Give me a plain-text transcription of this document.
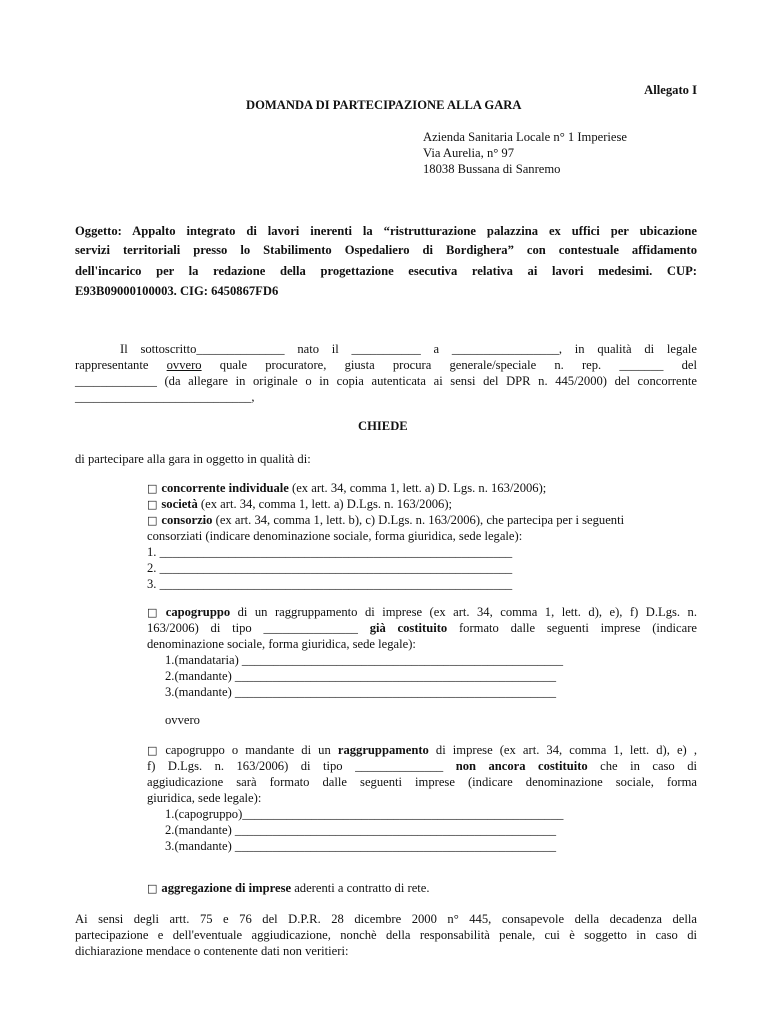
Allegato I
DOMANDA DI PARTECIPAZIONE ALLA GARA
Azienda Sanitaria Locale n° 1 Imperiese
Via Aurelia, n° 97
18038 Bussana di Sanremo
Oggetto: Appalto integrato di lavori inerenti la “ristrutturazione palazzina ex uffici per ubicazione
servizi territoriali presso lo Stabilimento Ospedaliero di Bordighera” con contestuale affidamento
dell'incarico per la redazione della progettazione esecutiva relativa ai lavori medesimi. CUP:
E93B09000100003. CIG: 6450867FD6
Il sottoscritto______________ nato il ___________ a _________________, in qualità di legale
rappresentante ovvero quale procuratore, giusta procura generale/speciale n. rep. _______ del
_____________ (da allegare in originale o in copia autenticata ai sensi del DPR n. 445/2000) del concorrente
____________________________,
CHIEDE
di partecipare alla gara in oggetto in qualità di:
□ concorrente individuale (ex art. 34, comma 1, lett. a) D. Lgs. n. 163/2006);
□ società (ex art. 34, comma 1, lett. a) D.Lgs. n. 163/2006);
□ consorzio (ex art. 34, comma 1, lett. b), c) D.Lgs. n. 163/2006), che partecipa per i seguenti
consorziati (indicare denominazione sociale, forma giuridica, sede legale):
1. ________________________________________________________
2. ________________________________________________________
3. ________________________________________________________
□ capogruppo di un raggruppamento di imprese (ex art. 34, comma 1, lett. d), e), f) D.Lgs. n.
163/2006) di tipo _______________ già costituito formato dalle seguenti imprese (indicare
denominazione sociale, forma giuridica, sede legale):
1.(mandataria) ___________________________________________________
2.(mandante) ___________________________________________________
3.(mandante) ___________________________________________________
ovvero
□ capogruppo o mandante di un raggruppamento di imprese (ex art. 34, comma 1, lett. d), e) ,
f) D.Lgs. n. 163/2006) di tipo ______________ non ancora costituito che in caso di
aggiudicazione sarà formato dalle seguenti imprese (indicare denominazione sociale, forma
giuridica, sede legale):
1.(capogruppo)___________________________________________________
2.(mandante) ___________________________________________________
3.(mandante) ___________________________________________________
□ aggregazione di imprese aderenti a contratto di rete.
Ai sensi degli artt. 75 e 76 del D.P.R. 28 dicembre 2000 n° 445, consapevole della decadenza della
partecipazione e dell'eventuale aggiudicazione, nonchè della responsabilità penale, cui è soggetto in caso di
dichiarazione mendace o contenente dati non veritieri:
